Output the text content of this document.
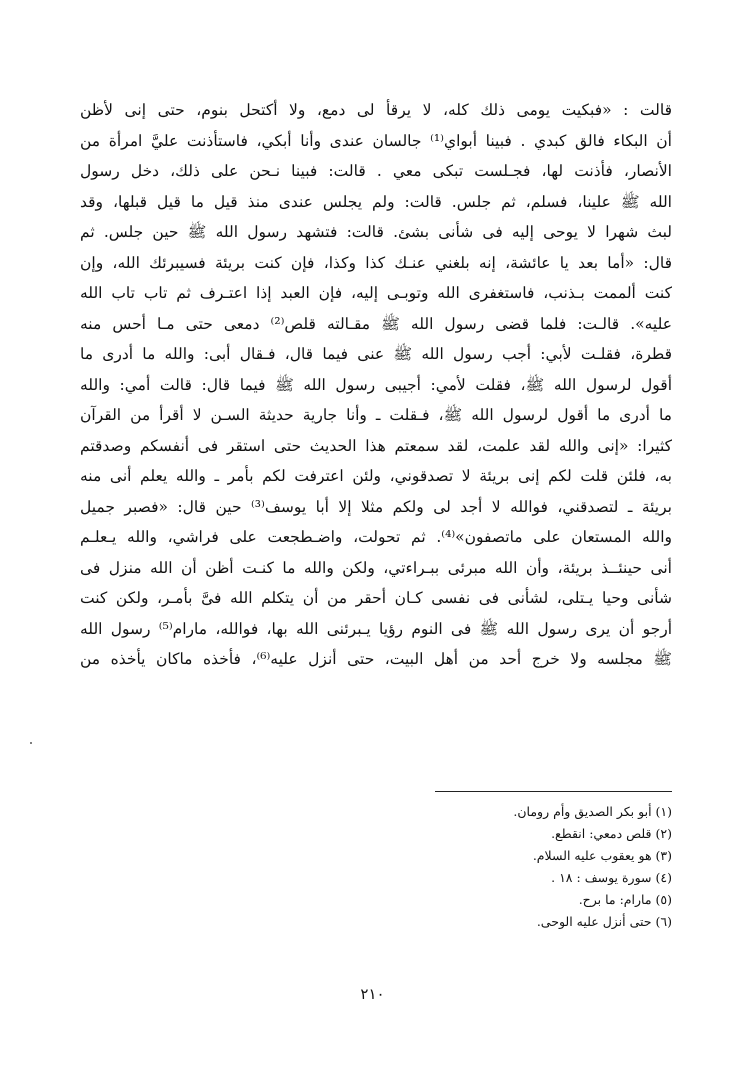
قالت : «فبكيت يومى ذلك كله، لا يرقأ لى دمع، ولا أكتحل بنوم، حتى إنى لأظن
أن البكاء فالق كبدي . فبينا أبواي⁽¹⁾ جالسان عندى وأنا أبكي، فاستأذنت عليَّ امرأة من
الأنصار، فأذنت لها، فجـلست تبكى معي . قالت: فبينا نـحن على ذلك، دخل رسول
الله ﷺ علينا، فسلم، ثم جلس. قالت: ولم يجلس عندى منذ قيل ما قيل قبلها، وقد
لبث شهرا لا يوحى إليه فى شأنى بشئ. قالت: فتشهد رسول الله ﷺ حين جلس. ثم
قال: «أما بعد يا عائشة، إنه بلغني عنـك كذا وكذا، فإن كنت بريئة فسيبرئك الله، وإن
كنت ألممت بـذنب، فاستغفرى الله وتوبـى إليه، فإن العبد إذا اعتـرف ثم تاب تاب الله
عليه». قالـت: فلما قضى رسول الله ﷺ مقـالته قلص⁽²⁾ دمعى حتى مـا أحس منه
قطرة، فقلـت لأبي: أجب رسول الله ﷺ عنى فيما قال، فـقال أبى: والله ما أدرى ما
أقول لرسول الله ﷺ، فقلت لأمي: أجيبى رسول الله ﷺ فيما قال: قالت أمي: والله
ما أدرى ما أقول لرسول الله ﷺ، فـقلت ـ وأنا جارية حديثة السـن لا أقرأ من القرآن
كثيرا: «إنى والله لقد علمت، لقد سمعتم هذا الحديث حتى استقر فى أنفسكم وصدقتم
به، فلئن قلت لكم إنى بريئة لا تصدقوني، ولئن اعترفت لكم بأمر ـ والله يعلم أنى منه
بريئة ـ لتصدقني، فوالله لا أجد لى ولكم مثلا إلا أبا يوسف⁽³⁾ حين قال: «فصبر جميل
والله المستعان على ماتصفون»⁽⁴⁾. ثم تحولت، واضـطجعت على فراشي، والله يـعلـم
أنى حينئــذ بريئة، وأن الله مبرئى ببـراءتي، ولكن والله ما كنـت أظن أن الله منزل فى
شأنى وحيا يـتلى، لشأنى فى نفسى كـان أحقر من أن يتكلم الله فىَّ بأمـر، ولكن كنت
أرجو أن يرى رسول الله ﷺ فى النوم رؤيا يـبرئنى الله بها، فوالله، مارام⁽⁵⁾ رسول الله
ﷺ مجلسه ولا خرج أحد من أهل البيت، حتى أنزل عليه⁽⁶⁾، فأخذه ماكان يأخذه من
(١) أبو بكر الصديق وأم رومان.
(٢) قلص دمعي: انقطع.
(٣) هو يعقوب عليه السلام.
(٤) سورة يوسف : ١٨ .
(٥) مارام: ما برح.
(٦) حتى أنزل عليه الوحى.
٢١٠
